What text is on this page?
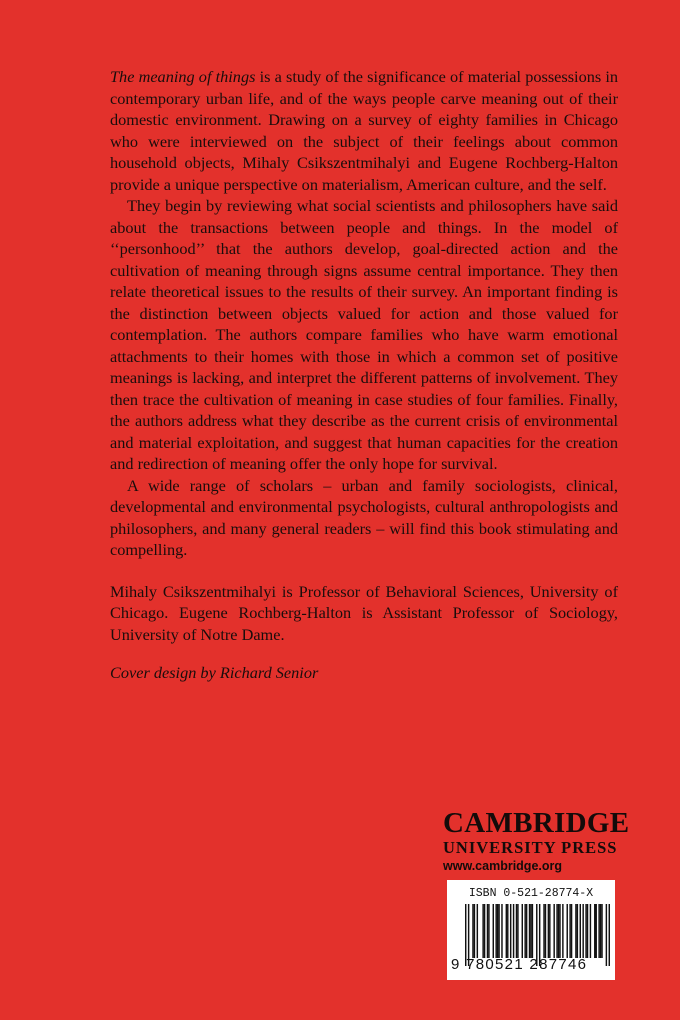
The meaning of things is a study of the significance of material possessions in contemporary urban life, and of the ways people carve meaning out of their domestic environment. Drawing on a survey of eighty families in Chicago who were interviewed on the subject of their feelings about common household objects, Mihaly Csikszentmihalyi and Eugene Rochberg-Halton provide a unique perspective on materialism, American culture, and the self.

They begin by reviewing what social scientists and philosophers have said about the transactions between people and things. In the model of ‘‘personhood’’ that the authors develop, goal-directed action and the cultivation of meaning through signs assume central importance. They then relate theoretical issues to the results of their survey. An important finding is the distinction between objects valued for action and those valued for contemplation. The authors compare families who have warm emotional attachments to their homes with those in which a common set of positive meanings is lacking, and interpret the different patterns of involvement. They then trace the cultivation of meaning in case studies of four families. Finally, the authors address what they describe as the current crisis of environmental and material exploitation, and suggest that human capacities for the creation and redirection of meaning offer the only hope for survival.

A wide range of scholars – urban and family sociologists, clinical, developmental and environmental psychologists, cultural anthropologists and philosophers, and many general readers – will find this book stimulating and compelling.

Mihaly Csikszentmihalyi is Professor of Behavioral Sciences, University of Chicago. Eugene Rochberg-Halton is Assistant Professor of Sociology, University of Notre Dame.

Cover design by Richard Senior

CAMBRIDGE
UNIVERSITY PRESS
www.cambridge.org
ISBN 0-521-28774-X
9 780521 287746
